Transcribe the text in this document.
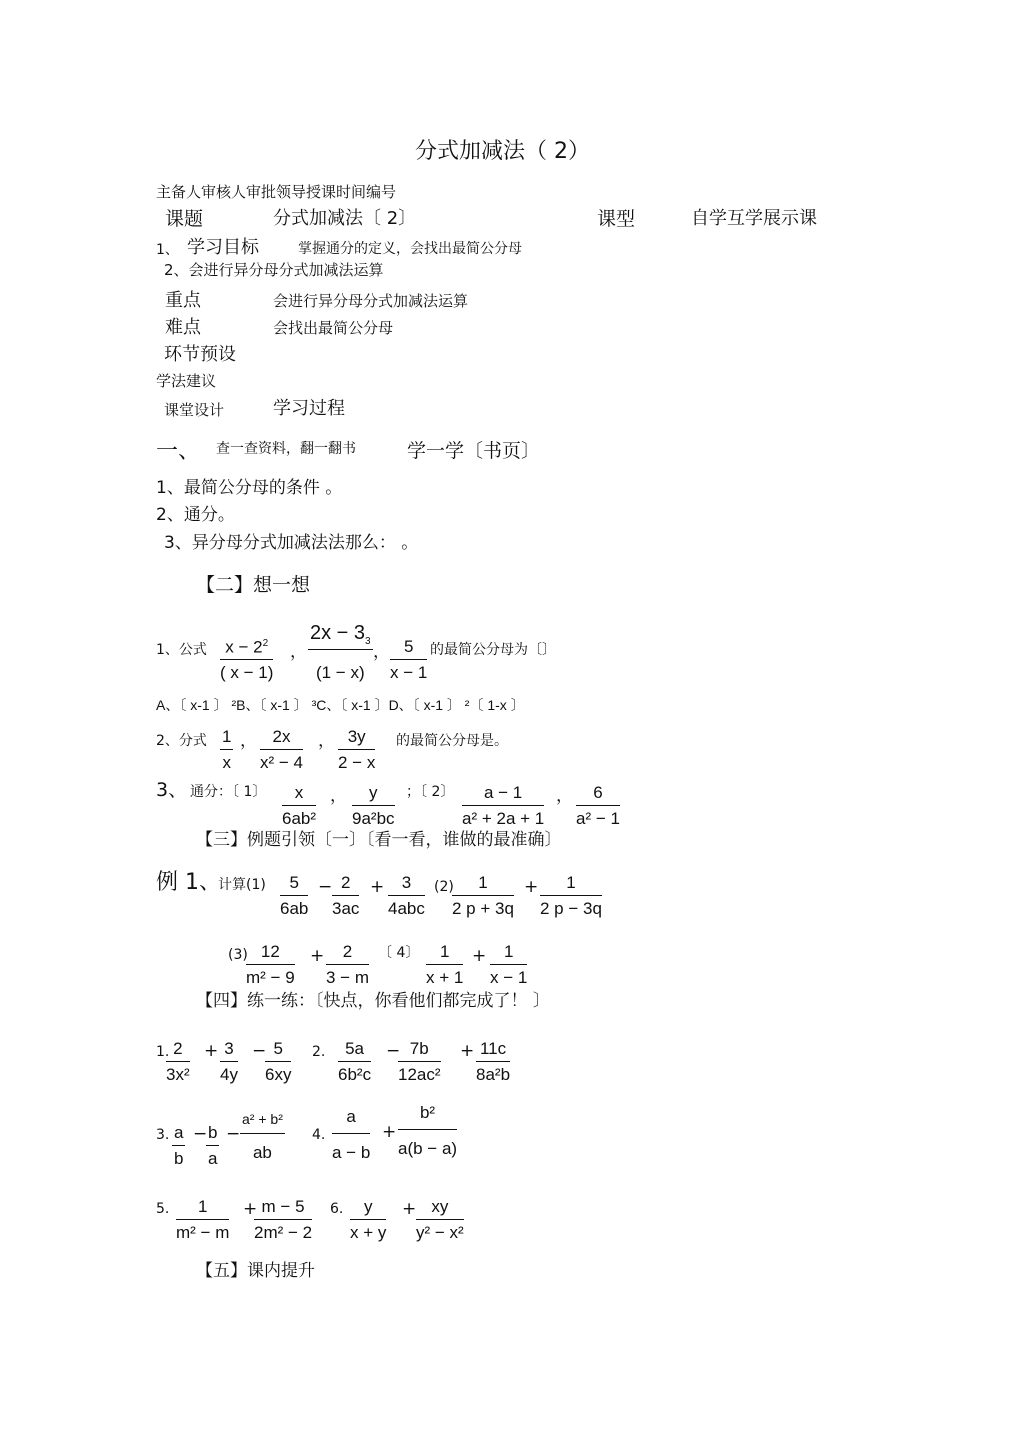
分式加减法（ 2）
主备人审核人审批领导授课时间编号
课题	分式加减法〔 2〕	课型	自学互学展示课
1、 学习目标	掌握通分的定义，会找出最简公分母
2、会进行异分母分式加减法运算
重点	会进行异分母分式加减法运算
难点	会找出最简公分母
环节预设
学法建议
课堂设计	学习过程
一、 查一查资料，翻一翻书	学一学〔书页〕
1、最简公分母的条件 。
2、通分。
3、异分母分式加减法法那么： 。
【二】想一想
1、公式 $\frac{x - 2^2}{( x - 1)}$ ， $\frac{2x - 3_3}{(1 - x)}$ ， $\frac{5}{x - 1}$ 的最简公分母为〔〕
A、〔 x-1 〕 ²B、〔 x-1 〕 ³C、〔 x-1 〕D、〔 x-1 〕 ²〔 1-x 〕
2、分式 $\frac{1}{x}$ ， $\frac{2x}{\text{x² − 4}}$ ， $\frac{3y}{2 - x}$ 的最简公分母是。
3、 通分：〔 1〕 $\frac{x}{\text{6ab²}}$ ， $\frac{y}{\text{9a²bc}}$ ；〔 2〕 $\frac{a - 1}{\text{a² + 2a + 1}}$ ， $\frac{6}{\text{a² − 1}}$
【三】例题引领〔一〕〔看一看，谁做的最准确〕
例 1、
计算$(1) \frac{5}{6ab} - \frac{2}{3ac}$ +	3
4abc
(2)
$\frac{1}{2 p + 3q} + \frac{1}{2 p - 3q}$
(3)
$\frac{12}{\text{m² − 9}} + \frac{2}{3 - m}$ 〔 4〕 $\frac{1}{x + 1} + \frac{1}{x - 1}$
【四】练一练：〔快点，你看他们都完成了！ 〕
1.
$\frac{2}{\text{3x²}} + \frac{3}{4y}$ −
$\frac{5}{6xy} 2$. $\frac{5a}{\text{6b²c}}$ −
$\frac{7b}{\text{12ac²}} + \frac{11c}{\text{8a²b}}$
3. $\frac{a}{b}$ −
$\frac{b}{a}$ −
a² + b²
ab
4. $\frac{a}{a - b} + \frac{\text{b²}}{a(b - a)}$
5. $\frac{1}{\text{m² − m}}$ +
$\frac{m - 5}{\text{2m² − 2}} 6$. $\frac{y}{x + y} + \frac{xy}{\text{y² − x²}}$
【五】课内提升
